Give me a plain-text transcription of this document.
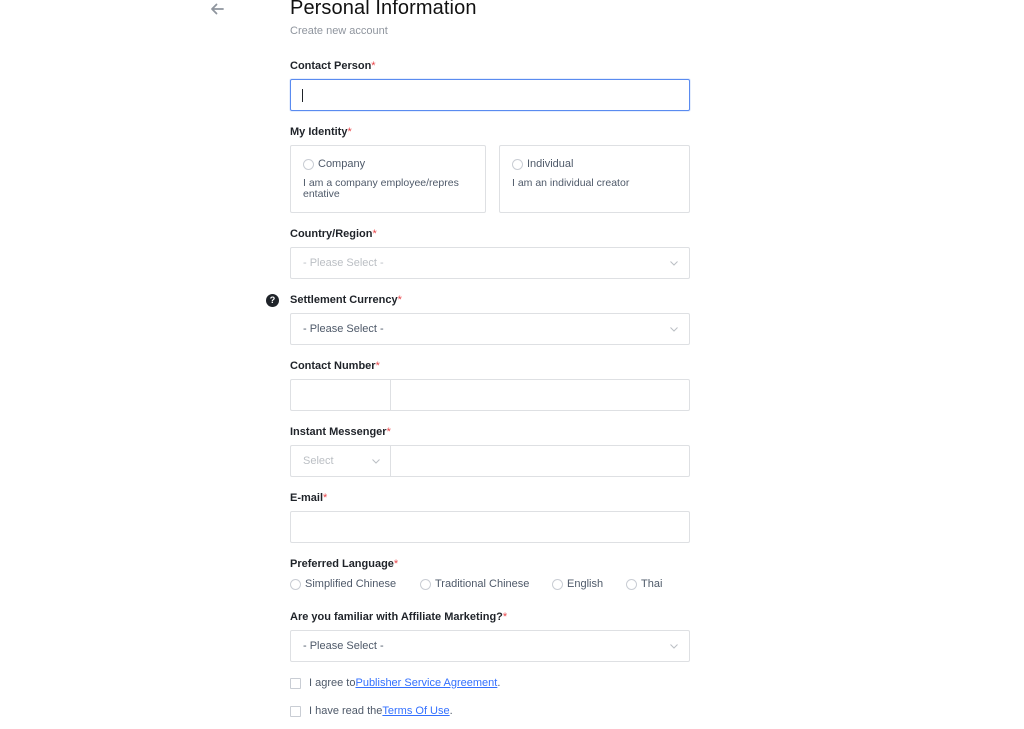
Personal Information
Create new account
Contact Person*
My Identity*
Company
I am a company employee/repres
entative
Individual
I am an individual creator
Country/Region*
- Please Select -
?	Settlement Currency*
- Please Select -
Contact Number*
Instant Messenger*
Select
E-mail*
Preferred Language*
Simplified Chinese	Traditional Chinese	English	Thai
Are you familiar with Affiliate Marketing?*
- Please Select -
I agree to Publisher Service Agreement .
I have read the Terms Of Use .
